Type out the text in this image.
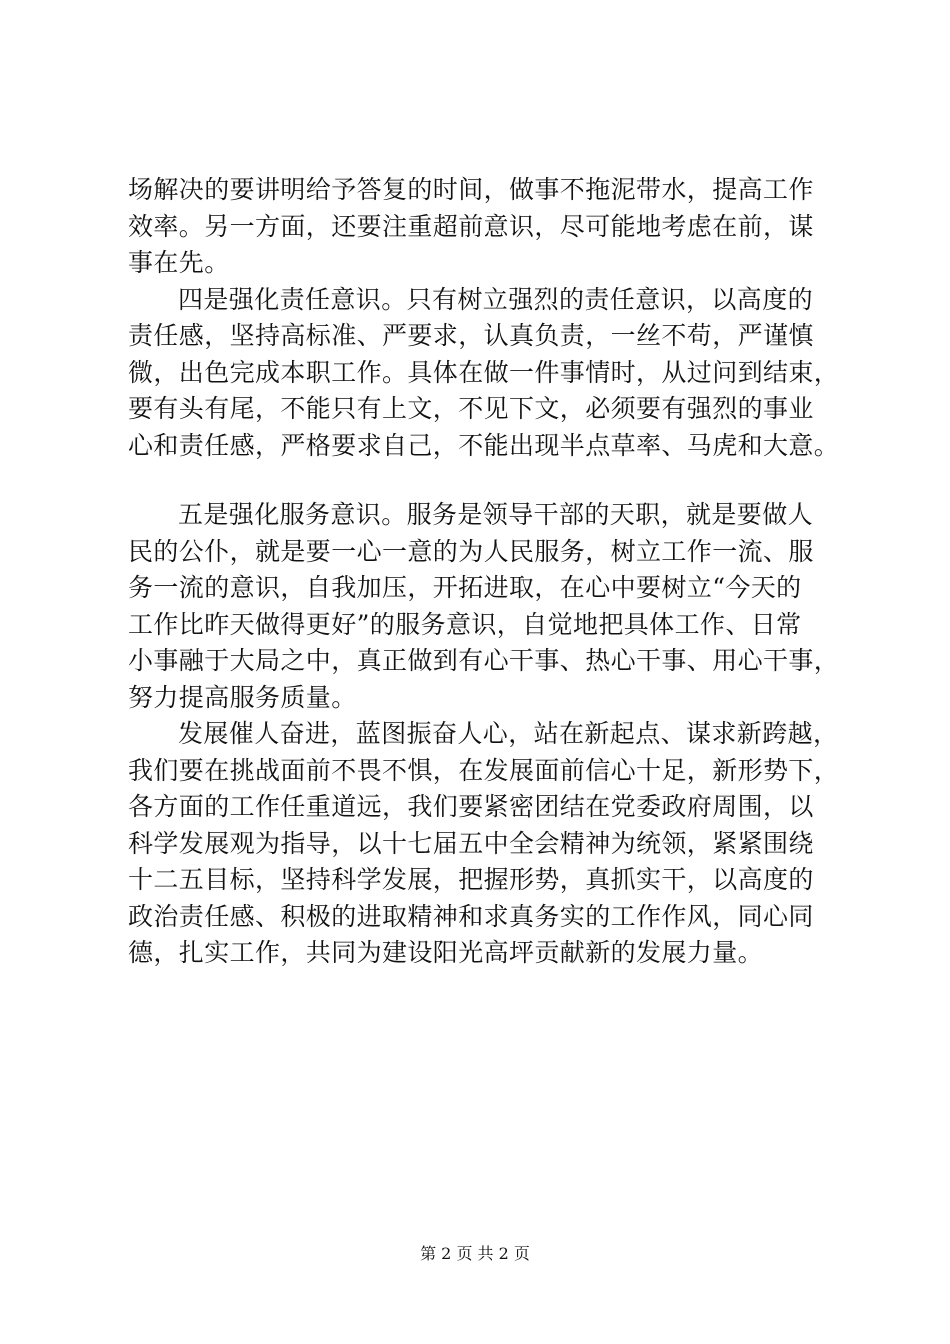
场解决的要讲明给予答复的时间，做事不拖泥带水，提高工作
效率。另一方面，还要注重超前意识，尽可能地考虑在前，谋
事在先。
四是强化责任意识。只有树立强烈的责任意识，以高度的
责任感，坚持高标准、严要求，认真负责，一丝不苟，严谨慎
微，出色完成本职工作。具体在做一件事情时，从过问到结束，
要有头有尾，不能只有上文，不见下文，必须要有强烈的事业
心和责任感，严格要求自己，不能出现半点草率、马虎和大意。
五是强化服务意识。服务是领导干部的天职，就是要做人
民的公仆，就是要一心一意的为人民服务，树立工作一流、服
务一流的意识，自我加压，开拓进取，在心中要树立“今天的
工作比昨天做得更好”的服务意识，自觉地把具体工作、日常
小事融于大局之中，真正做到有心干事、热心干事、用心干事，
努力提高服务质量。
发展催人奋进，蓝图振奋人心，站在新起点、谋求新跨越，
我们要在挑战面前不畏不惧，在发展面前信心十足，新形势下，
各方面的工作任重道远，我们要紧密团结在党委政府周围，以
科学发展观为指导，以十七届五中全会精神为统领，紧紧围绕
十二五目标，坚持科学发展，把握形势，真抓实干，以高度的
政治责任感、积极的进取精神和求真务实的工作作风，同心同
德，扎实工作，共同为建设阳光高坪贡献新的发展力量。
第 2 页 共 2 页
